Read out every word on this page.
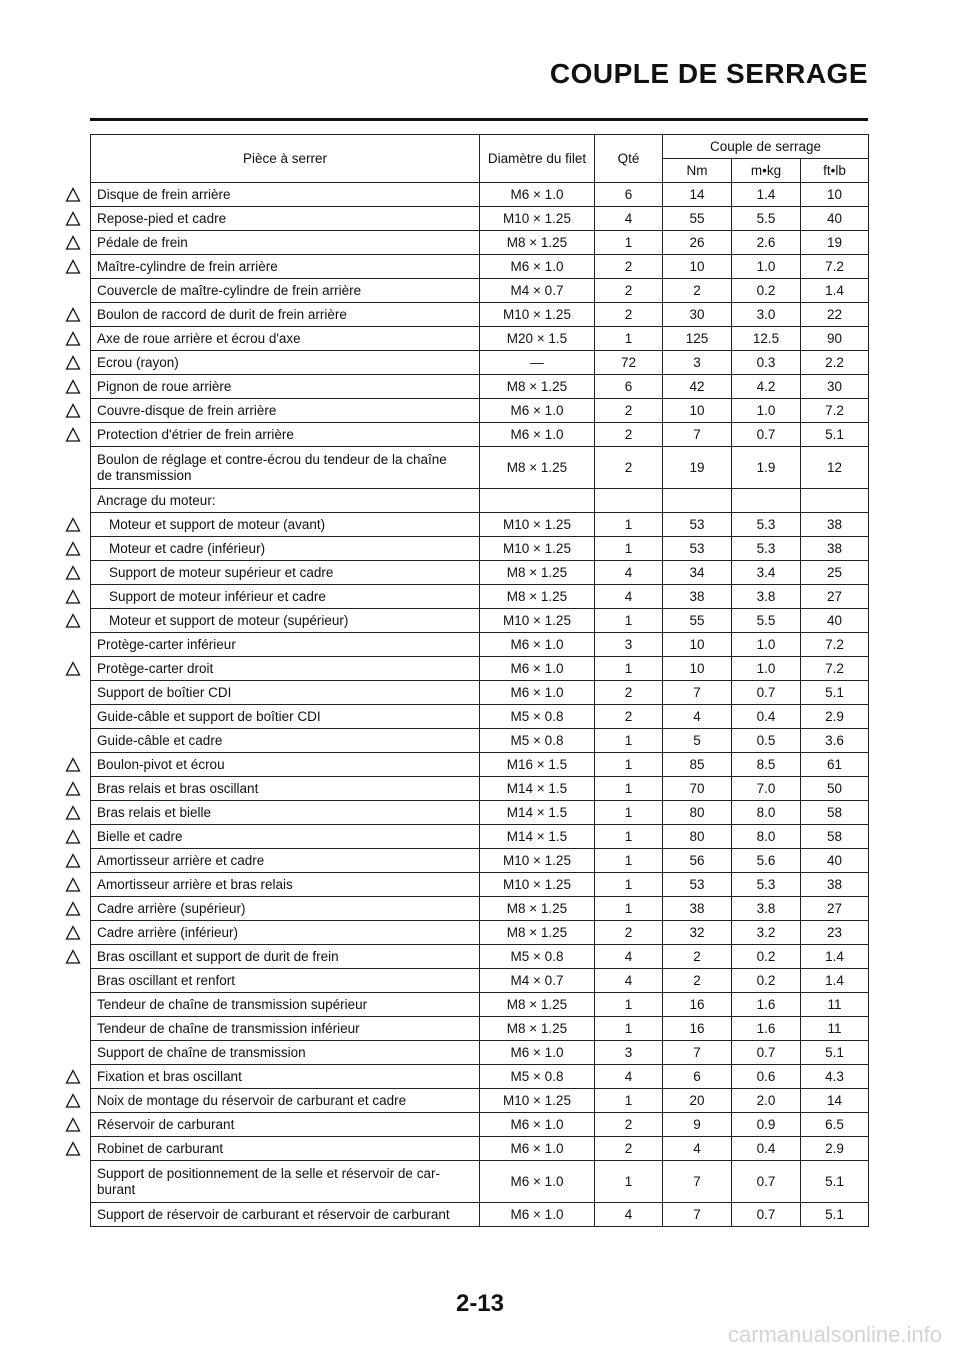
COUPLE DE SERRAGE
Pièce à serrer	Diamètre du filet	Qté	Couple de serrage		
			Nm	m•kg	ft•lb

Disque de frein arrière	M6 × 1.0	6	14	1.4	10

Repose-pied et cadre	M10 × 1.25	4	55	5.5	40

Pédale de frein	M8 × 1.25	1	26	2.6	19

Maître-cylindre de frein arrière	M6 × 1.0	2	10	1.0	7.2
Couvercle de maître-cylindre de frein arrière	M4 × 0.7	2	2	0.2	1.4

Boulon de raccord de durit de frein arrière	M10 × 1.25	2	30	3.0	22

Axe de roue arrière et écrou d'axe	M20 × 1.5	1	125	12.5	90

Ecrou (rayon)	—	72	3	0.3	2.2

Pignon de roue arrière	M8 × 1.25	6	42	4.2	30

Couvre-disque de frein arrière	M6 × 1.0	2	10	1.0	7.2

Protection d'étrier de frein arrière	M6 × 1.0	2	7	0.7	5.1
Boulon de réglage et contre-écrou du tendeur de la chaîne
de transmission	M8 × 1.25	2	19	1.9	12
Ancrage du moteur:					

Moteur et support de moteur (avant)	M10 × 1.25	1	53	5.3	38

Moteur et cadre (inférieur)	M10 × 1.25	1	53	5.3	38

Support de moteur supérieur et cadre	M8 × 1.25	4	34	3.4	25

Support de moteur inférieur et cadre	M8 × 1.25	4	38	3.8	27

Moteur et support de moteur (supérieur)	M10 × 1.25	1	55	5.5	40
Protège-carter inférieur	M6 × 1.0	3	10	1.0	7.2

Protège-carter droit	M6 × 1.0	1	10	1.0	7.2
Support de boîtier CDI	M6 × 1.0	2	7	0.7	5.1
Guide-câble et support de boîtier CDI	M5 × 0.8	2	4	0.4	2.9
Guide-câble et cadre	M5 × 0.8	1	5	0.5	3.6

Boulon-pivot et écrou	M16 × 1.5	1	85	8.5	61

Bras relais et bras oscillant	M14 × 1.5	1	70	7.0	50

Bras relais et bielle	M14 × 1.5	1	80	8.0	58

Bielle et cadre	M14 × 1.5	1	80	8.0	58

Amortisseur arrière et cadre	M10 × 1.25	1	56	5.6	40

Amortisseur arrière et bras relais	M10 × 1.25	1	53	5.3	38

Cadre arrière (supérieur)	M8 × 1.25	1	38	3.8	27

Cadre arrière (inférieur)	M8 × 1.25	2	32	3.2	23

Bras oscillant et support de durit de frein	M5 × 0.8	4	2	0.2	1.4
Bras oscillant et renfort	M4 × 0.7	4	2	0.2	1.4
Tendeur de chaîne de transmission supérieur	M8 × 1.25	1	16	1.6	11
Tendeur de chaîne de transmission inférieur	M8 × 1.25	1	16	1.6	11
Support de chaîne de transmission	M6 × 1.0	3	7	0.7	5.1

Fixation et bras oscillant	M5 × 0.8	4	6	0.6	4.3

Noix de montage du réservoir de carburant et cadre	M10 × 1.25	1	20	2.0	14

Réservoir de carburant	M6 × 1.0	2	9	0.9	6.5

Robinet de carburant	M6 × 1.0	2	4	0.4	2.9
Support de positionnement de la selle et réservoir de car-
burant	M6 × 1.0	1	7	0.7	5.1
Support de réservoir de carburant et réservoir de carburant	M6 × 1.0	4	7	0.7	5.1
2-13
carmanualsonline.info
